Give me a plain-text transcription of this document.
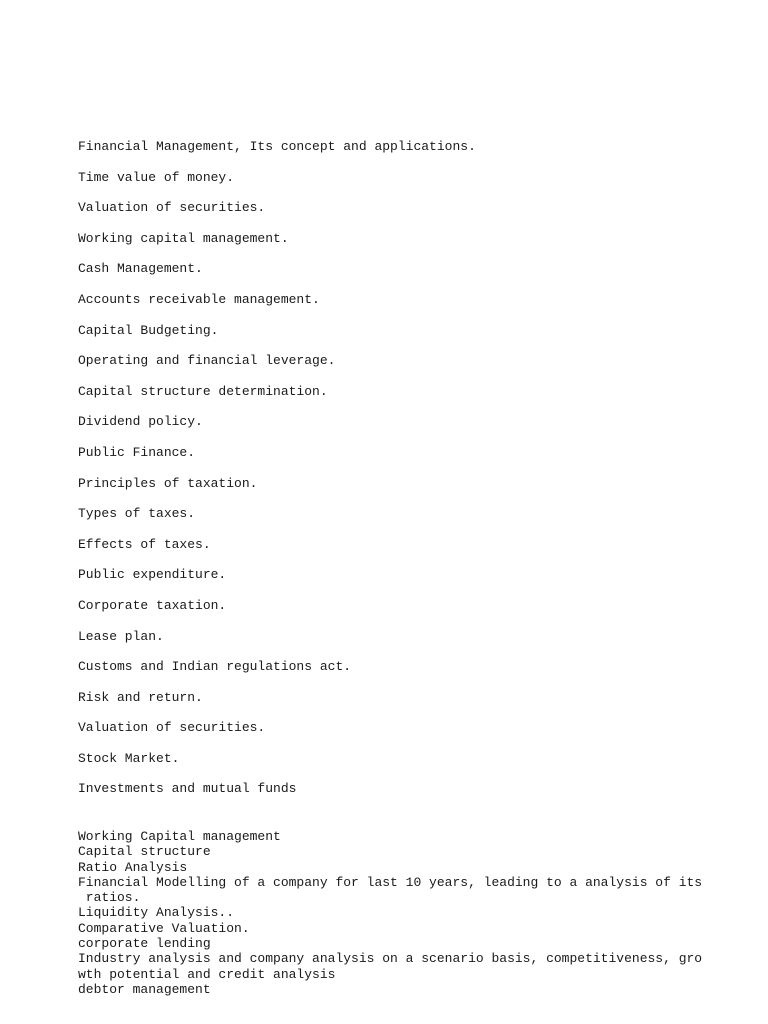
Financial Management, Its concept and applications.
Time value of money.
Valuation of securities.
Working capital management.
Cash Management.
Accounts receivable management.
Capital Budgeting.
Operating and financial leverage.
Capital structure determination.
Dividend policy.
Public Finance.
Principles of taxation.
Types of taxes.
Effects of taxes.
Public expenditure.
Corporate taxation.
Lease plan.
Customs and Indian regulations act.
Risk and return.
Valuation of securities.
Stock Market.
Investments and mutual funds
Working Capital management
Capital structure
Ratio Analysis
Financial Modelling of a company for last 10 years, leading to a analysis of its
ratios.
Liquidity Analysis..
Comparative Valuation.
corporate lending
Industry analysis and company analysis on a scenario basis, competitiveness, gro
wth potential and credit analysis
debtor management
